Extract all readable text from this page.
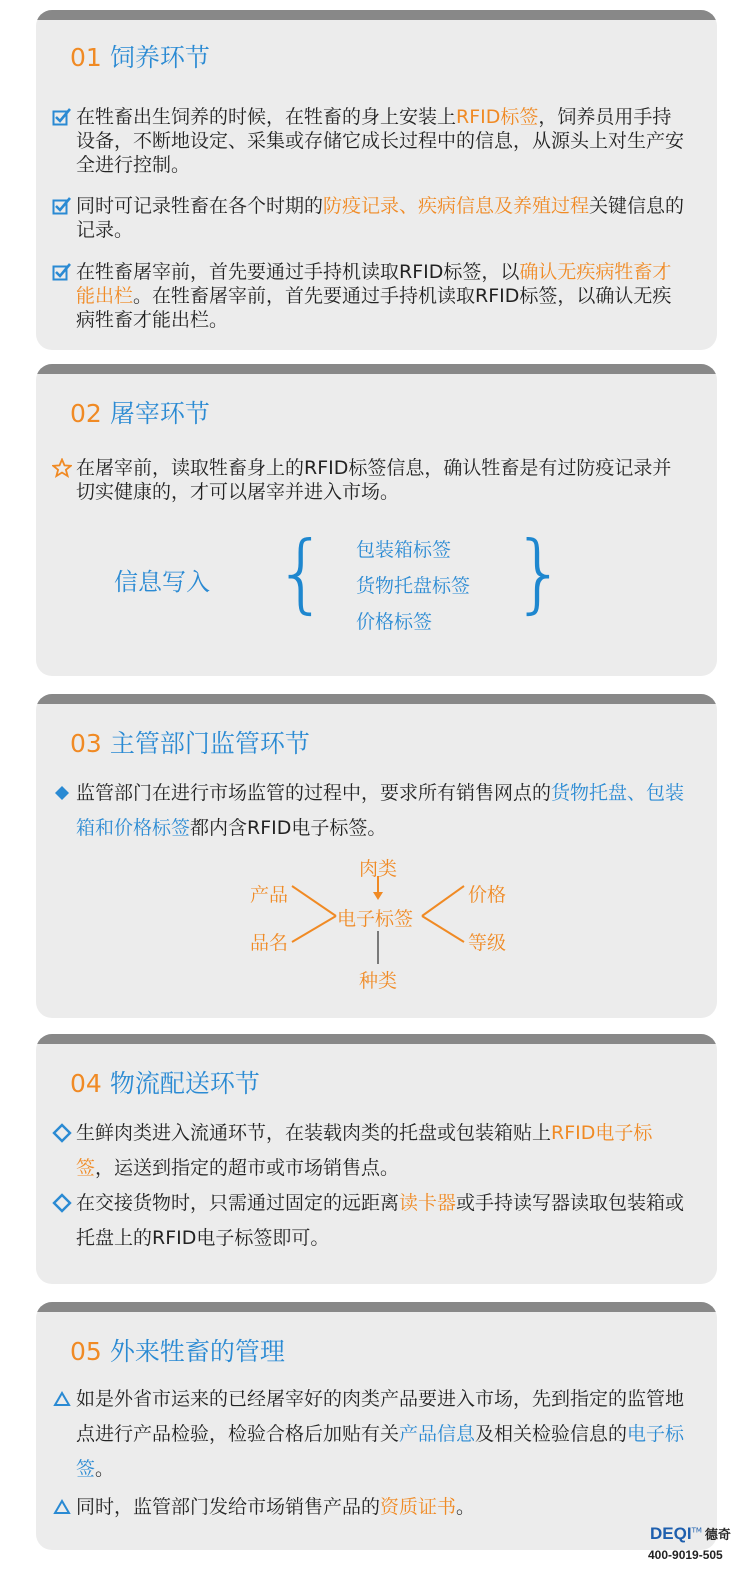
01 饲养环节
在牲畜出生饲养的时候，在牲畜的身上安装上RFID标签，饲养员用手持设备，不断地设定、采集或存储它成长过程中的信息，从源头上对生产安全进行控制。
同时可记录牲畜在各个时期的防疫记录、疾病信息及养殖过程关键信息的记录。
在牲畜屠宰前，首先要通过手持机读取RFID标签，以确认无疾病牲畜才能出栏。在牲畜屠宰前，首先要通过手持机读取RFID标签，以确认无疾病牲畜才能出栏。
02 屠宰环节
在屠宰前，读取牲畜身上的RFID标签信息，确认牲畜是有过防疫记录并切实健康的，才可以屠宰并进入市场。
信息写入 { 包装箱标签
货物托盘标签
价格标签 }
03 主管部门监管环节
监管部门在进行市场监管的过程中，要求所有销售网点的货物托盘、包装箱和价格标签都内含RFID电子标签。
肉类
电子标签
种类
产品
品名
价格
等级
04 物流配送环节
生鲜肉类进入流通环节，在装载肉类的托盘或包装箱贴上RFID电子标签，运送到指定的超市或市场销售点。
在交接货物时，只需通过固定的远距离读卡器或手持读写器读取包装箱或托盘上的RFID电子标签即可。
05 外来牲畜的管理
如是外省市运来的已经屠宰好的肉类产品要进入市场，先到指定的监管地点进行产品检验，检验合格后加贴有关产品信息及相关检验信息的电子标签。
同时，监管部门发给市场销售产品的资质证书。
DEQI™ 德奇
400-9019-505
